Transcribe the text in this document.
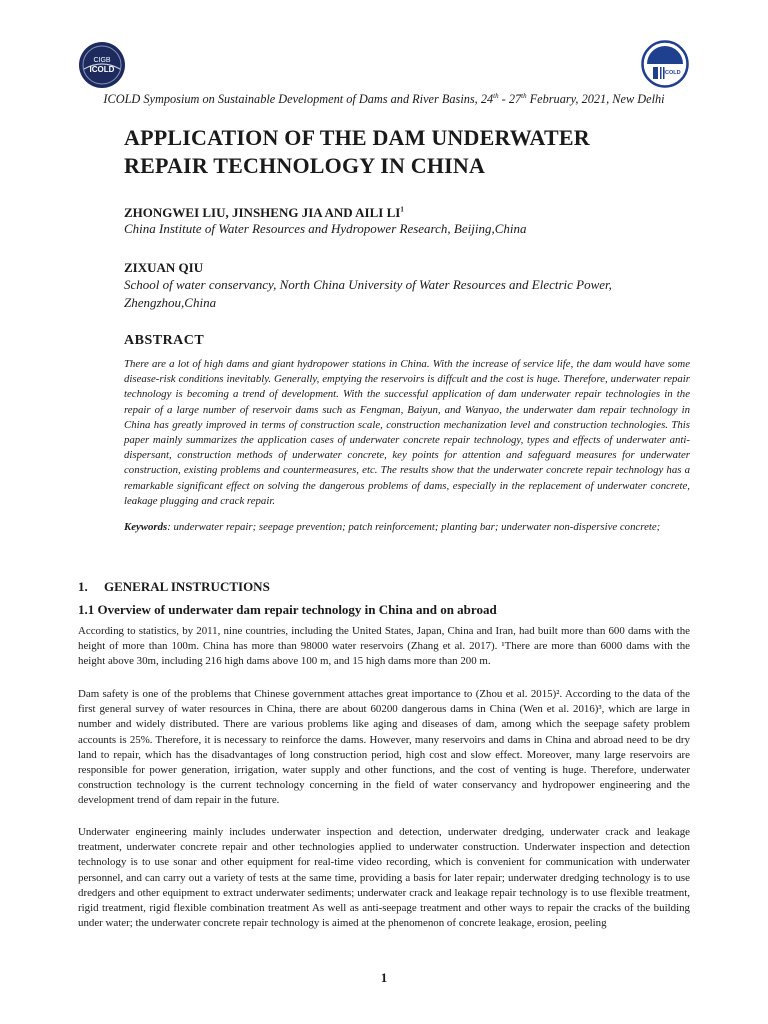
CIGB
ICOLD	ICOLD
ICOLD Symposium on Sustainable Development of Dams and River Basins, 24th - 27th February, 2021, New Delhi
APPLICATION OF THE DAM UNDERWATER
REPAIR TECHNOLOGY IN CHINA
ZHONGWEI LIU, JINSHENG JIA AND AILI $LI^1$
China Institute of Water Resources and Hydropower Research, Beijing,China
ZIXUAN QIU
School of water conservancy, North China University of Water Resources and Electric Power, Zhengzhou,China
ABSTRACT
There are a lot of high dams and giant hydropower stations in China. With the increase of service life, the dam would have some disease-risk conditions inevitably. Generally, emptying the reservoirs is diffcult and the cost is huge. Therefore, underwater repair technology is becoming a trend of development. With the successful application of dam underwater repair technologies in the repair of a large number of reservoir dams such as Fengman, Baiyun, and Wanyao, the underwater dam repair technology in China has greatly improved in terms of construction scale, construction mechanization level and construction technologies. This paper mainly summarizes the application cases of underwater concrete repair technology, types and effects of underwater anti-dispersant, construction methods of underwater concrete, key points for attention and safeguard measures for underwater construction, existing problems and countermeasures, etc. The results show that the underwater concrete repair technology has a remarkable significant effect on solving the dangerous problems of dams, especially in the replacement of underwater concrete, leakage plugging and crack repair.
Keywords: underwater repair; seepage prevention; patch reinforcement; planting bar; underwater non-dispersive concrete;
1. GENERAL INSTRUCTIONS
1.1 Overview of underwater dam repair technology in China and on abroad
According to statistics, by 2011, nine countries, including the United States, Japan, China and Iran, had built more than 600 dams with the height of more than 100m. China has more than 98000 water reservoirs (Zhang et al. 2017). ¹There are more than 6000 dams with the height above 30m, including 216 high dams above 100 m, and 15 high dams more than 200 m.
Dam safety is one of the problems that Chinese government attaches great importance to (Zhou et al. 2015)². According to the data of the first general survey of water resources in China, there are about 60200 dangerous dams in China (Wen et al. 2016)³, which are large in number and widely distributed. There are various problems like aging and diseases of dam, among which the seepage safety problem accounts is 25%. Therefore, it is necessary to reinforce the dams. However, many reservoirs and dams in China and abroad need to be dry land to repair, which has the disadvantages of long construction period, high cost and slow effect. Moreover, many large reservoirs are responsible for power generation, irrigation, water supply and other functions, and the cost of venting is huge. Therefore, underwater construction technology is the current technology concerning in the field of water conservancy and hydropower engineering and the development trend of dam repair in the future.
Underwater engineering mainly includes underwater inspection and detection, underwater dredging, underwater crack and leakage treatment, underwater concrete repair and other technologies applied to underwater construction. Underwater inspection and detection technology is to use sonar and other equipment for real-time video recording, which is convenient for communication with underwater personnel, and can carry out a variety of tests at the same time, providing a basis for later repair; underwater dredging technology is to use dredgers and other equipment to extract underwater sediments; underwater crack and leakage repair technology is to use flexible treatment, rigid treatment, rigid flexible combination treatment As well as anti-seepage treatment and other ways to repair the cracks of the building under water; the underwater concrete repair technology is aimed at the phenomenon of concrete leakage, erosion, peeling
1
